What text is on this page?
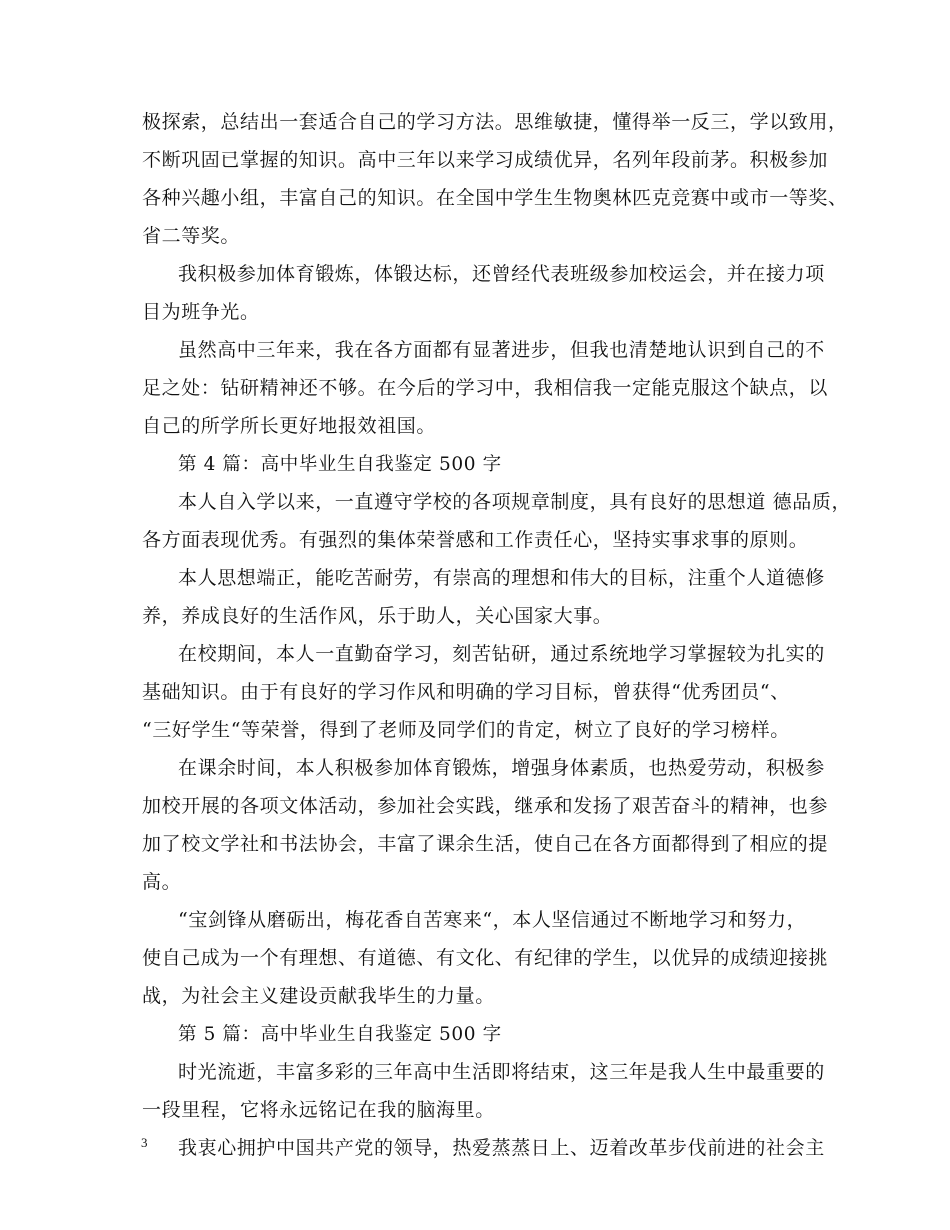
极探索，总结出一套适合自己的学习方法。思维敏捷，懂得举一反三，学以致用，
不断巩固已掌握的知识。高中三年以来学习成绩优异，名列年段前茅。积极参加
各种兴趣小组，丰富自己的知识。在全国中学生生物奥林匹克竞赛中或市一等奖、
省二等奖。
我积极参加体育锻炼，体锻达标，还曾经代表班级参加校运会，并在接力项
目为班争光。
虽然高中三年来，我在各方面都有显著进步，但我也清楚地认识到自己的不
足之处：钻研精神还不够。在今后的学习中，我相信我一定能克服这个缺点，以
自己的所学所长更好地报效祖国。
第 4 篇：高中毕业生自我鉴定 500 字
本人自入学以来，一直遵守学校的各项规章制度，具有良好的思想道 德品质，
各方面表现优秀。有强烈的集体荣誉感和工作责任心，坚持实事求事的原则。
本人思想端正，能吃苦耐劳，有崇高的理想和伟大的目标，注重个人道德修
养，养成良好的生活作风，乐于助人，关心国家大事。
在校期间，本人一直勤奋学习，刻苦钻研，通过系统地学习掌握较为扎实的
基础知识。由于有良好的学习作风和明确的学习目标，曾获得“优秀团员“、
“三好学生“等荣誉，得到了老师及同学们的肯定，树立了良好的学习榜样。
在课余时间，本人积极参加体育锻炼，增强身体素质，也热爱劳动，积极参
加校开展的各项文体活动，参加社会实践，继承和发扬了艰苦奋斗的精神，也参
加了校文学社和书法协会，丰富了课余生活，使自己在各方面都得到了相应的提
高。
“宝剑锋从磨砺出，梅花香自苦寒来“，本人坚信通过不断地学习和努力，
使自己成为一个有理想、有道德、有文化、有纪律的学生，以优异的成绩迎接挑
战，为社会主义建设贡献我毕生的力量。
第 5 篇：高中毕业生自我鉴定 500 字
时光流逝，丰富多彩的三年高中生活即将结束，这三年是我人生中最重要的
一段里程，它将永远铭记在我的脑海里。
我衷心拥护中国共产党的领导，热爱蒸蒸日上、迈着改革步伐前进的社会主
3
